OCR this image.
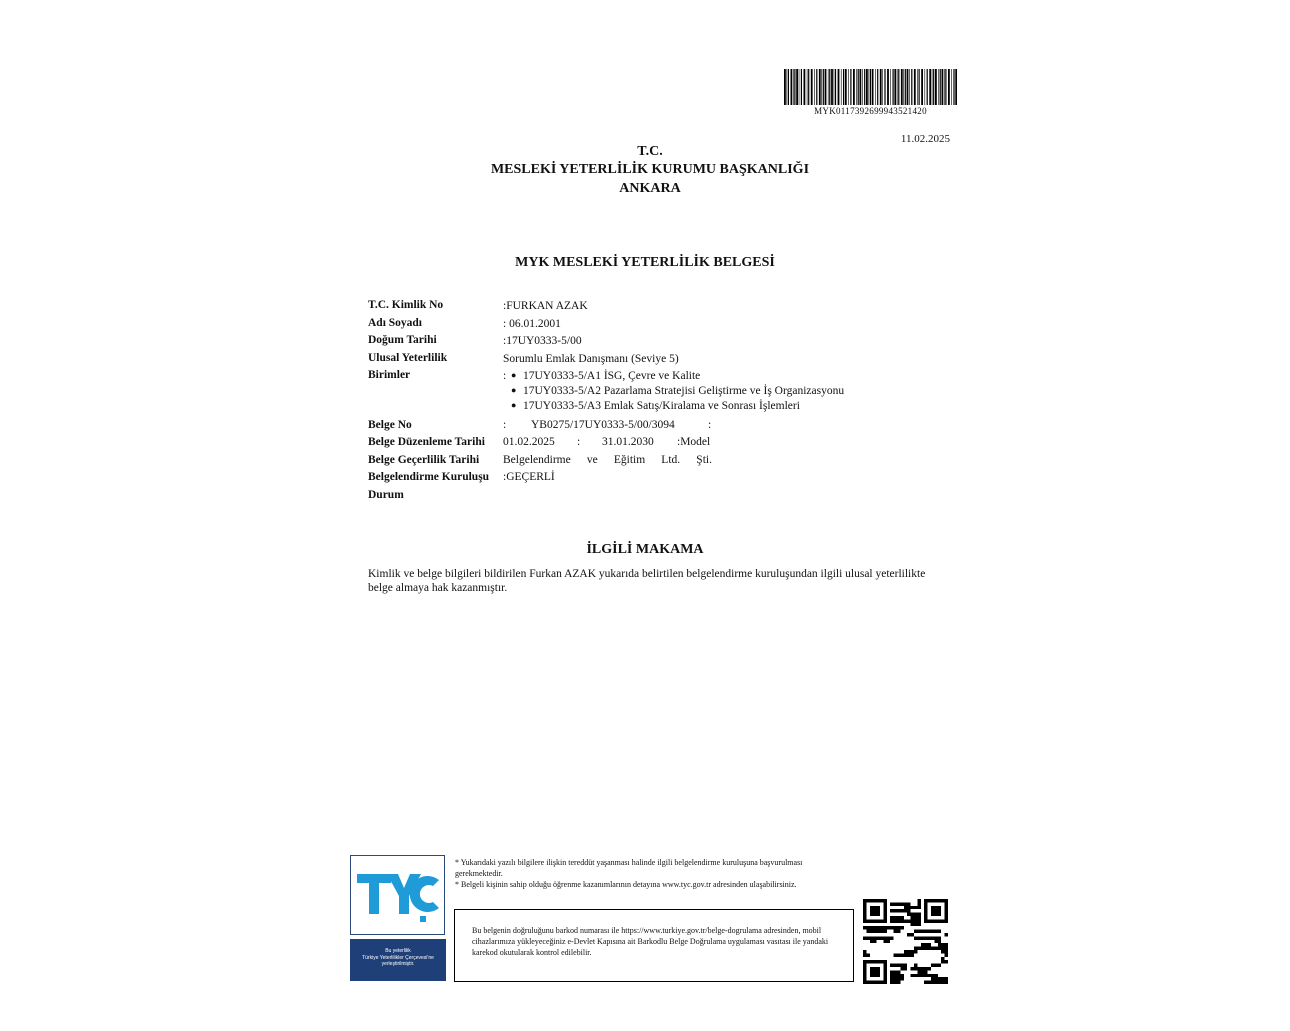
MYK0117392699943521420
11.02.2025
T.C.
MESLEKİ YETERLİLİK KURUMU BAŞKANLIĞI
ANKARA
MYK MESLEKİ YETERLİLİK BELGESİ
T.C. Kimlik No
Adı Soyadı
Doğum Tarihi
Ulusal Yeterlilik
Birimler
Belge No
Belge Düzenleme Tarihi
Belge Geçerlilik Tarihi
Belgelendirme Kuruluşu
Durum
:FURKAN AZAK
: 06.01.2001
:17UY0333-5/00
Sorumlu Emlak Danışmanı (Seviye 5)
: ● 17UY0333-5/A1 İSG, Çevre ve Kalite
● 17UY0333-5/A2 Pazarlama Stratejisi Geliştirme ve İş Organizasyonu
● 17UY0333-5/A3 Emlak Satış/Kiralama ve Sonrası İşlemleri
: YB0275/17UY0333-5/00/3094	:
01.02.2025 : 31.01.2030 :Model
Belgelendirme ve Eğitim Ltd. Şti.
:GEÇERLİ
İLGİLİ MAKAMA
Kimlik ve belge bilgileri bildirilen Furkan AZAK yukarıda belirtilen belgelendirme kuruluşundan ilgili ulusal yeterlilikte belge almaya hak kazanmıştır.
Bu yeterlilik
Türkiye Yeterlilikler Çerçevesi'ne
yerleştirilmiştir.
* Yukarıdaki yazılı bilgilere ilişkin tereddüt yaşanması halinde ilgili belgelendirme kuruluşuna başvurulması gerekmektedir.
* Belgeli kişinin sahip olduğu öğrenme kazanımlarının detayına www.tyc.gov.tr adresinden ulaşabilirsiniz.
Bu belgenin doğruluğunu barkod numarası ile https://www.turkiye.gov.tr/belge-dogrulama adresinden, mobil cihazlarımıza yükleyeceğiniz e-Devlet Kapısına ait Barkodlu Belge Doğrulama uygulaması vasıtası ile yandaki karekod okutularak kontrol edilebilir.
